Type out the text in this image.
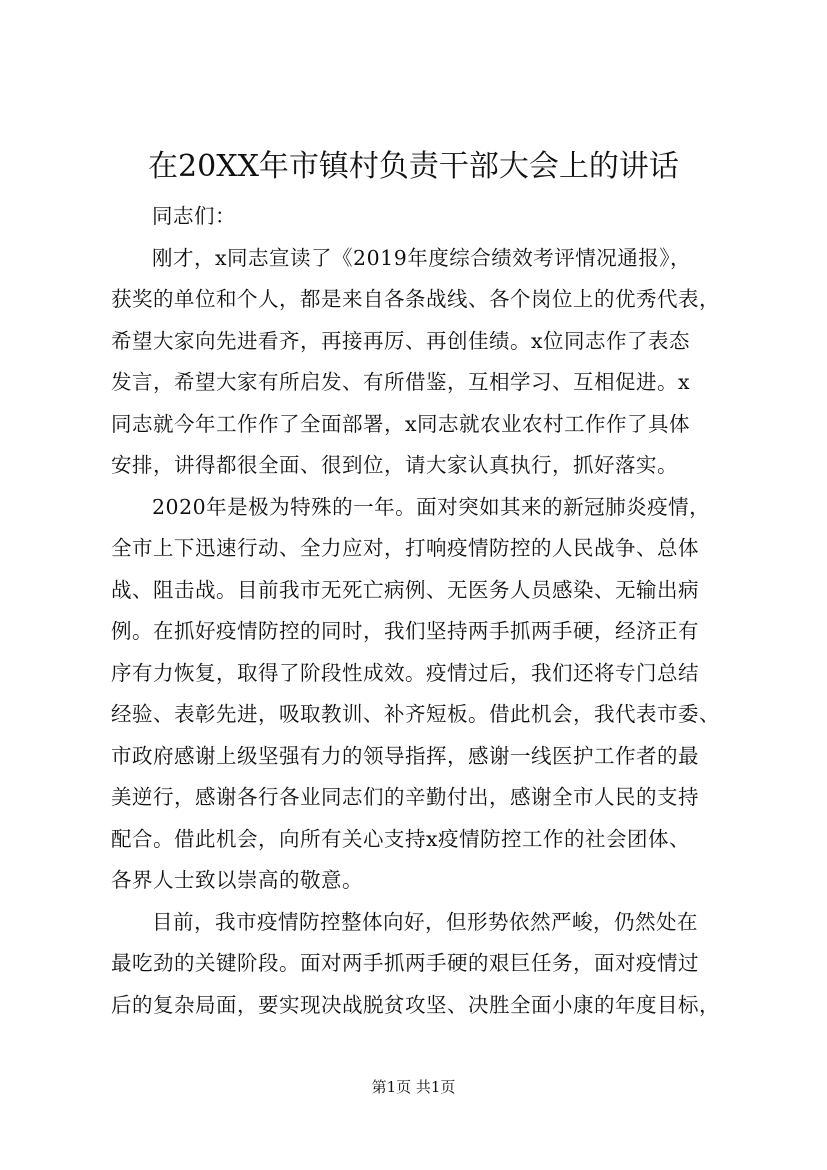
在20XX年市镇村负责干部大会上的讲话
同志们：
刚才，x同志宣读了《2019年度综合绩效考评情况通报》，
获奖的单位和个人，都是来自各条战线、各个岗位上的优秀代表，
希望大家向先进看齐，再接再厉、再创佳绩。x位同志作了表态
发言，希望大家有所启发、有所借鉴，互相学习、互相促进。x
同志就今年工作作了全面部署，x同志就农业农村工作作了具体
安排，讲得都很全面、很到位，请大家认真执行，抓好落实。
2020年是极为特殊的一年。面对突如其来的新冠肺炎疫情，
全市上下迅速行动、全力应对，打响疫情防控的人民战争、总体
战、阻击战。目前我市无死亡病例、无医务人员感染、无输出病
例。在抓好疫情防控的同时，我们坚持两手抓两手硬，经济正有
序有力恢复，取得了阶段性成效。疫情过后，我们还将专门总结
经验、表彰先进，吸取教训、补齐短板。借此机会，我代表市委、
市政府感谢上级坚强有力的领导指挥，感谢一线医护工作者的最
美逆行，感谢各行各业同志们的辛勤付出，感谢全市人民的支持
配合。借此机会，向所有关心支持x疫情防控工作的社会团体、
各界人士致以崇高的敬意。
目前，我市疫情防控整体向好，但形势依然严峻，仍然处在
最吃劲的关键阶段。面对两手抓两手硬的艰巨任务，面对疫情过
后的复杂局面，要实现决战脱贫攻坚、决胜全面小康的年度目标，
第1页 共1页
